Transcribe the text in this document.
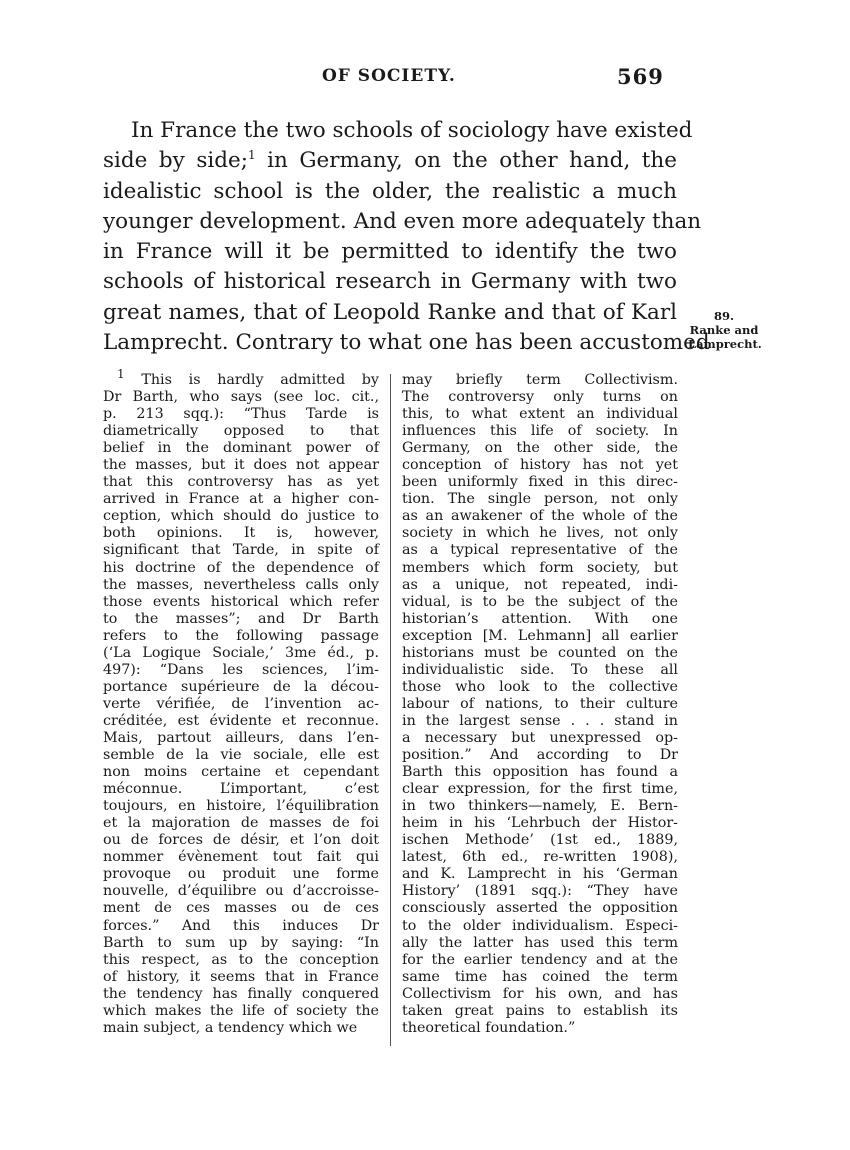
OF SOCIETY.	569
In France the two schools of sociology have existed
side by side;$^1$ in Germany, on the other hand, the
idealistic school is the older, the realistic a much
younger development. And even more adequately than
in France will it be permitted to identify the two
schools of historical research in Germany with two
great names, that of Leopold Ranke and that of Karl
Lamprecht. Contrary to what one has been accustomed
89.
Ranke and
Lamprecht.
$^1$ This is hardly admitted by
Dr Barth, who says (see loc. cit.,
p. 213 sqq.): “Thus Tarde is
diametrically opposed to that
belief in the dominant power of
the masses, but it does not appear
that this controversy has as yet
arrived in France at a higher con-
ception, which should do justice to
both opinions. It is, however,
significant that Tarde, in spite of
his doctrine of the dependence of
the masses, nevertheless calls only
those events historical which refer
to the masses”; and Dr Barth
refers to the following passage
(‘La Logique Sociale,’ 3me éd., p.
497): “Dans les sciences, l’im-
portance supérieure de la décou-
verte vérifiée, de l’invention ac-
créditée, est évidente et reconnue.
Mais, partout ailleurs, dans l’en-
semble de la vie sociale, elle est
non moins certaine et cependant
méconnue. L’important, c’est
toujours, en histoire, l’équilibration
et la majoration de masses de foi
ou de forces de désir, et l’on doit
nommer évènement tout fait qui
provoque ou produit une forme
nouvelle, d’équilibre ou d’accroisse-
ment de ces masses ou de ces
forces.” And this induces Dr
Barth to sum up by saying: “In
this respect, as to the conception
of history, it seems that in France
the tendency has finally conquered
which makes the life of society the
main subject, a tendency which we
may briefly term Collectivism.
The controversy only turns on
this, to what extent an individual
influences this life of society. In
Germany, on the other side, the
conception of history has not yet
been uniformly fixed in this direc-
tion. The single person, not only
as an awakener of the whole of the
society in which he lives, not only
as a typical representative of the
members which form society, but
as a unique, not repeated, indi-
vidual, is to be the subject of the
historian’s attention. With one
exception [M. Lehmann] all earlier
historians must be counted on the
individualistic side. To these all
those who look to the collective
labour of nations, to their culture
in the largest sense . . . stand in
a necessary but unexpressed op-
position.” And according to Dr
Barth this opposition has found a
clear expression, for the first time,
in two thinkers—namely, E. Bern-
heim in his ‘Lehrbuch der Histor-
ischen Methode’ (1st ed., 1889,
latest, 6th ed., re-written 1908),
and K. Lamprecht in his ‘German
History’ (1891 sqq.): “They have
consciously asserted the opposition
to the older individualism. Especi-
ally the latter has used this term
for the earlier tendency and at the
same time has coined the term
Collectivism for his own, and has
taken great pains to establish its
theoretical foundation.”
